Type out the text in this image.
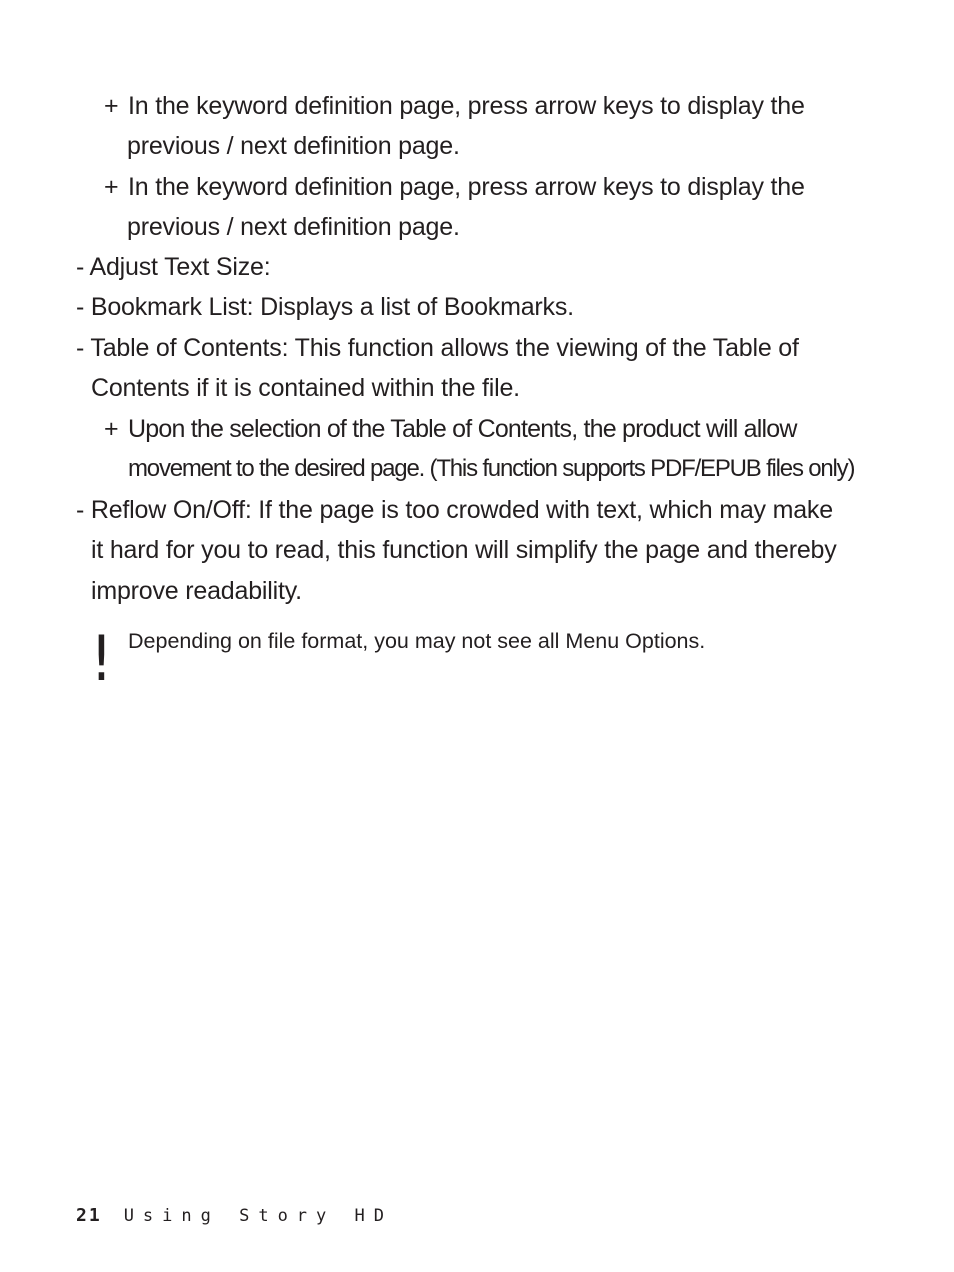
+ In the keyword definition page, press arrow keys to display the
previous / next definition page.
+ In the keyword definition page, press arrow keys to display the
previous / next definition page.
- Adjust Text Size:
- Bookmark List: Displays a list of Bookmarks.
- Table of Contents: This function allows the viewing of the Table of
Contents if it is contained within the file.
+ Upon the selection of the Table of Contents, the product will allow
movement to the desired page. (This function supports PDF/EPUB files only)
- Reflow On/Off: If the page is too crowded with text, which may make
it hard for you to read, this function will simplify the page and thereby
improve readability.
! Depending on file format, you may not see all Menu Options.
21 Using Story HD
